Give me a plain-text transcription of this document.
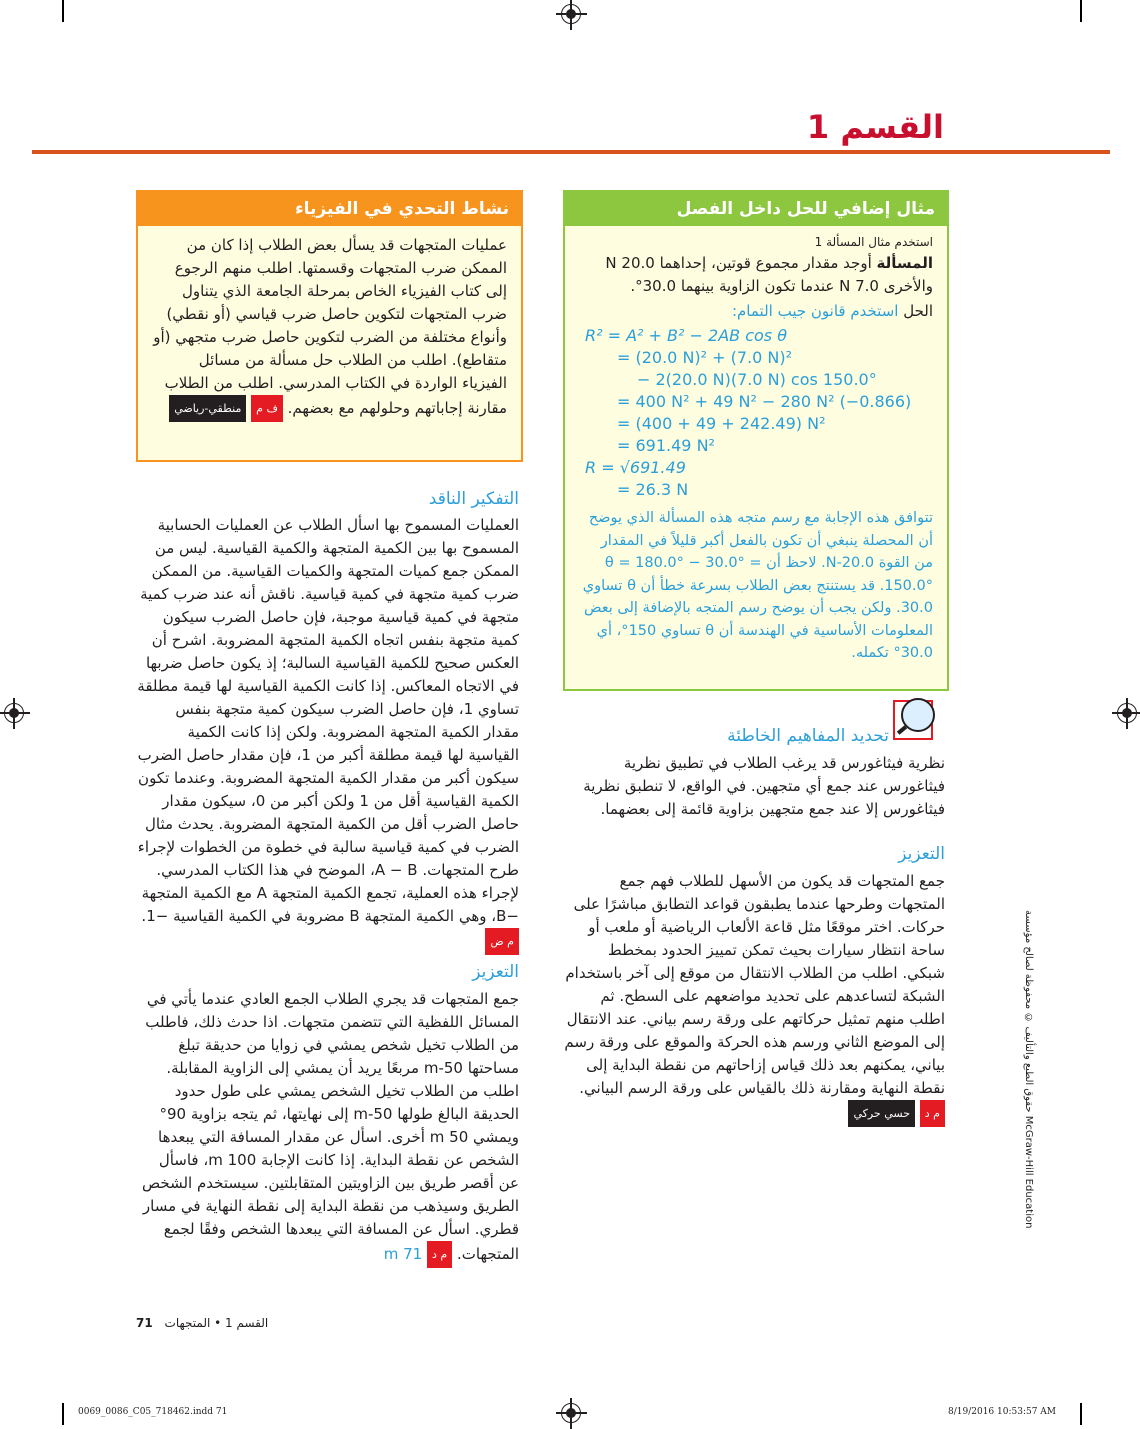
القسم 1
مثال إضافي للحل داخل الفصل
استخدم مثال المسألة 1
المسألة أوجد مقدار مجموع قوتين، إحداهما 20.0 N والأخرى 7.0 N عندما تكون الزاوية بينهما 30.0°.
الحل استخدم قانون جيب التمام:
R² = A² + B² − 2AB cos θ
= (20.0 N)² + (7.0 N)²
− 2(20.0 N)(7.0 N) cos 150.0°
= 400 N² + 49 N² − 280 N² (−0.866)
= (400 + 49 + 242.49) N²
= 691.49 N²
R = √691.49
= 26.3 N
تتوافق هذه الإجابة مع رسم متجه هذه المسألة الذي يوضح أن المحصلة ينبغي أن تكون بالفعل أكبر قليلاً في المقدار من القوة 20.0-N. لاحظ أن θ = 180.0° − 30.0° = 150.0°. قد يستنتج بعض الطلاب بسرعة خطأ أن θ تساوي 30.0. ولكن يجب أن يوضح رسم المتجه بالإضافة إلى بعض المعلومات الأساسية في الهندسة أن θ تساوي 150°، أي 30.0° تكمله.
تحديد المفاهيم الخاطئة
نظرية فيثاغورس قد يرغب الطلاب في تطبيق نظرية فيثاغورس عند جمع أي متجهين. في الواقع، لا تنطبق نظرية فيثاغورس إلا عند جمع متجهين بزاوية قائمة إلى بعضهما.
التعزيز
جمع المتجهات قد يكون من الأسهل للطلاب فهم جمع المتجهات وطرحها عندما يطبقون قواعد التطابق مباشرًا على حركات. اختر موقعًا مثل قاعة الألعاب الرياضية أو ملعب أو ساحة انتظار سيارات بحيث تمكن تمييز الحدود بمخطط شبكي. اطلب من الطلاب الانتقال من موقع إلى آخر باستخدام الشبكة لتساعدهم على تحديد مواضعهم على السطح. ثم اطلب منهم تمثيل حركاتهم على ورقة رسم بياني. عند الانتقال إلى الموضع الثاني ورسم هذه الحركة والموقع على ورقة رسم بياني، يمكنهم بعد ذلك قياس إزاحاتهم من نقطة البداية إلى نقطة النهاية ومقارنة ذلك بالقياس على ورقة الرسم البياني. م د حسي حركي
نشاط التحدي في الفيزياء
عمليات المتجهات قد يسأل بعض الطلاب إذا كان من الممكن ضرب المتجهات وقسمتها. اطلب منهم الرجوع إلى كتاب الفيزياء الخاص بمرحلة الجامعة الذي يتناول ضرب المتجهات لتكوين حاصل ضرب قياسي (أو نقطي) وأنواع مختلفة من الضرب لتكوين حاصل ضرب متجهي (أو متقاطع). اطلب من الطلاب حل مسألة من مسائل الفيزياء الواردة في الكتاب المدرسي. اطلب من الطلاب مقارنة إجاباتهم وحلولهم مع بعضهم. ف م منطقي-رياضي
التفكير الناقد
العمليات المسموح بها اسأل الطلاب عن العمليات الحسابية المسموح بها بين الكمية المتجهة والكمية القياسية. ليس من الممكن جمع كميات المتجهة والكميات القياسية. من الممكن ضرب كمية متجهة في كمية قياسية. ناقش أنه عند ضرب كمية متجهة في كمية قياسية موجبة، فإن حاصل الضرب سيكون كمية متجهة بنفس اتجاه الكمية المتجهة المضروبة. اشرح أن العكس صحيح للكمية القياسية السالبة؛ إذ يكون حاصل ضربها في الاتجاه المعاكس. إذا كانت الكمية القياسية لها قيمة مطلقة تساوي 1، فإن حاصل الضرب سيكون كمية متجهة بنفس مقدار الكمية المتجهة المضروبة. ولكن إذا كانت الكمية القياسية لها قيمة مطلقة أكبر من 1، فإن مقدار حاصل الضرب سيكون أكبر من مقدار الكمية المتجهة المضروبة. وعندما تكون الكمية القياسية أقل من 1 ولكن أكبر من 0، سيكون مقدار حاصل الضرب أقل من الكمية المتجهة المضروبة. يحدث مثال الضرب في كمية قياسية سالبة في خطوة من الخطوات لإجراء طرح المتجهات. A − B، الموضح في هذا الكتاب المدرسي. لإجراء هذه العملية، تجمع الكمية المتجهة A مع الكمية المتجهة −B، وهي الكمية المتجهة B مضروبة في الكمية القياسية −1. م ض
التعزيز
جمع المتجهات قد يجري الطلاب الجمع العادي عندما يأتي في المسائل اللفظية التي تتضمن متجهات. اذا حدث ذلك، فاطلب من الطلاب تخيل شخص يمشي في زوايا من حديقة تبلغ مساحتها 50-m مربعًا يريد أن يمشي إلى الزاوية المقابلة. اطلب من الطلاب تخيل الشخص يمشي على طول حدود الحديقة البالغ طولها 50-m إلى نهايتها، ثم يتجه بزاوية 90° ويمشي 50 m أخرى. اسأل عن مقدار المسافة التي يبعدها الشخص عن نقطة البداية. إذا كانت الإجابة 100 m، فاسأل عن أقصر طريق بين الزاويتين المتقابلتين. سيستخدم الشخص الطريق وسيذهب من نقطة البداية إلى نقطة النهاية في مسار قطري. اسأل عن المسافة التي يبعدها الشخص وفقًا لجمع المتجهات. م د 71 m
حقوق الطبع والتأليف © محفوظة لصالح مؤسسة McGraw-Hill Education
71 القسم 1 • المتجهات
0069_0086_C05_718462.indd 71	8/19/2016 10:53:57 AM
